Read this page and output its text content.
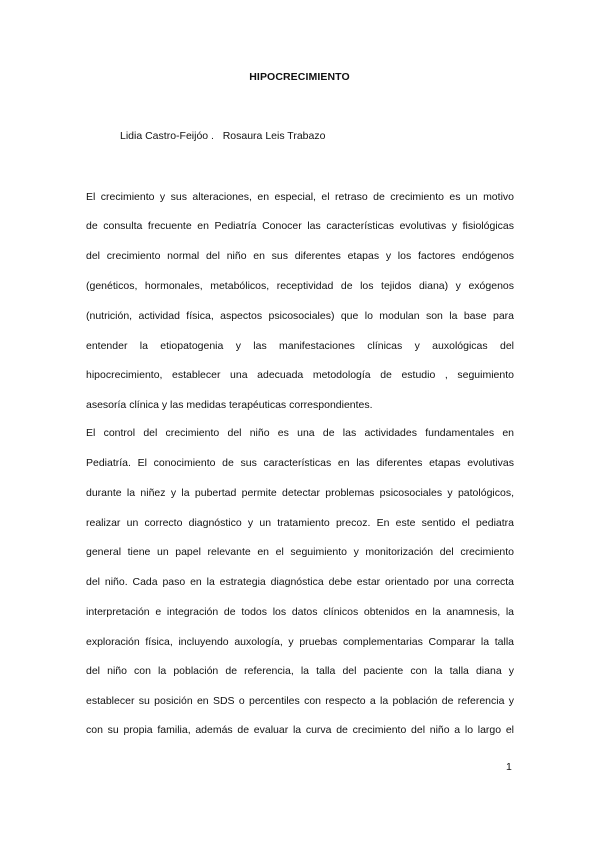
HIPOCRECIMIENTO
Lidia Castro-Feijóo .   Rosaura Leis Trabazo
El crecimiento y sus alteraciones, en especial, el retraso de crecimiento es un motivo
de consulta frecuente en Pediatría Conocer las características evolutivas y fisiológicas
del crecimiento normal del niño en sus diferentes etapas y los factores endógenos
(genéticos, hormonales, metabólicos, receptividad de los tejidos diana) y exógenos
(nutrición, actividad física, aspectos psicosociales) que lo modulan son la base para
entender la etiopatogenia y las manifestaciones clínicas y auxológicas del
hipocrecimiento, establecer una adecuada metodología de estudio , seguimiento
asesoría clínica y las medidas terapéuticas correspondientes.
El control del crecimiento del niño es una de las actividades fundamentales en
Pediatría. El conocimiento de sus características en las diferentes etapas evolutivas
durante la niñez y la pubertad permite detectar problemas psicosociales y patológicos,
realizar un correcto diagnóstico y un tratamiento precoz. En este sentido el pediatra
general tiene un papel relevante en el seguimiento y monitorización del crecimiento
del niño. Cada paso en la estrategia diagnóstica debe estar orientado por una correcta
interpretación e integración de todos los datos clínicos obtenidos en la anamnesis, la
exploración física, incluyendo auxología, y pruebas complementarias Comparar la talla
del niño con la población de referencia, la talla del paciente con la talla diana y
establecer su posición en SDS o percentiles con respecto a la población de referencia y
con su propia familia, además de evaluar la curva de crecimiento del niño a lo largo el
1
